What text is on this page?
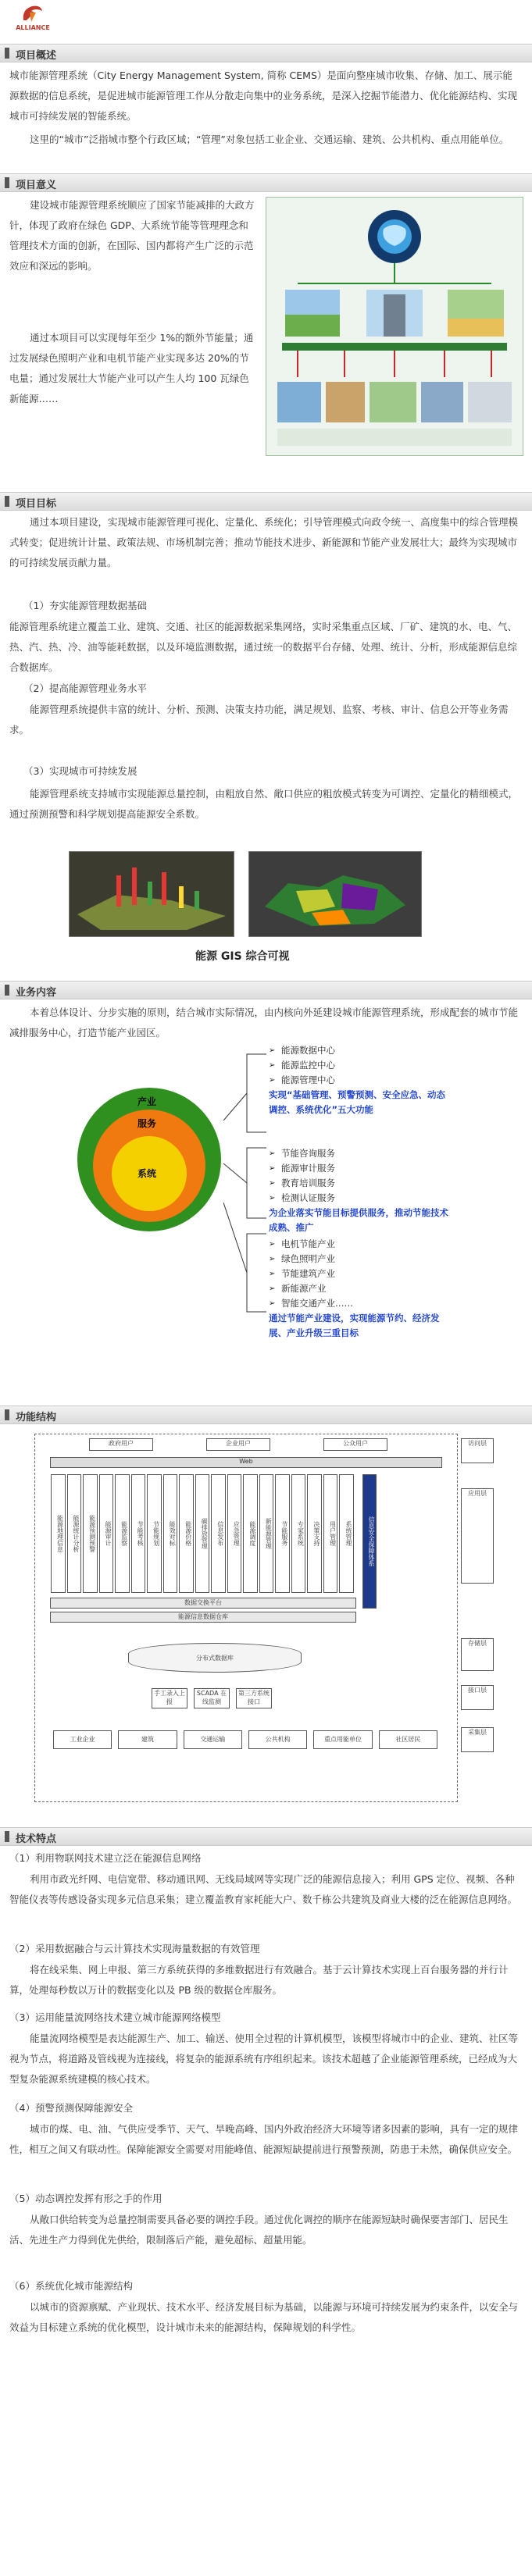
ALLIANCE
项目概述
城市能源管理系统（City Energy Management System, 简称 CEMS）是面向整座城市收集、存储、加工、展示能源数据的信息系统，是促进城市能源管理工作从分散走向集中的业务系统，是深入挖掘节能潜力、优化能源结构、实现城市可持续发展的智能系统。
这里的“城市”泛指城市整个行政区域；“管理”对象包括工业企业、交通运输、建筑、公共机构、重点用能单位。
项目意义
建设城市能源管理系统顺应了国家节能减排的大政方针，体现了政府在绿色 GDP、大系统节能等管理理念和管理技术方面的创新，在国际、国内都将产生广泛的示范效应和深远的影响。
通过本项目可以实现每年至少 1%的额外节能量；通过发展绿色照明产业和电机节能产业实现多达 20%的节电量；通过发展壮大节能产业可以产生人均 100 瓦绿色新能源……
项目目标
通过本项目建设，实现城市能源管理可视化、定量化、系统化；引导管理模式向政令统一、高度集中的综合管理模式转变；促进统计计量、政策法规、市场机制完善；推动节能技术进步、新能源和节能产业发展壮大；最终为实现城市的可持续发展贡献力量。
（1）夯实能源管理数据基础
能源管理系统建立覆盖工业、建筑、交通、社区的能源数据采集网络，实时采集重点区域、厂矿、建筑的水、电、气、热、汽、热、冷、油等能耗数据，以及环境监测数据，通过统一的数据平台存储、处理、统计、分析，形成能源信息综合数据库。
（2）提高能源管理业务水平
能源管理系统提供丰富的统计、分析、预测、决策支持功能，满足规划、监察、考核、审计、信息公开等业务需求。
（3）实现城市可持续发展
能源管理系统支持城市实现能源总量控制，由粗放自然、敞口供应的粗放模式转变为可调控、定量化的精细模式，通过预测预警和科学规划提高能源安全系数。
能源 GIS 综合可视
业务内容
本着总体设计、分步实施的原则，结合城市实际情况，由内核向外延建设城市能源管理系统，形成配套的城市节能减排服务中心，打造节能产业园区。
产业
服务
系统
➢ 能源数据中心
➢ 能源监控中心
➢ 能源管理中心
实现“基础管理、预警预测、安全应急、动态调控、系统优化”五大功能
➢ 节能咨询服务
➢ 能源审计服务
➢ 教育培训服务
➢ 检测认证服务
为企业落实节能目标提供服务，推动节能技术成熟、推广
➢ 电机节能产业
➢ 绿色照明产业
➢ 节能建筑产业
➢ 新能源产业
➢ 智能交通产业……
通过节能产业建设，实现能源节约、经济发展、产业升级三重目标
功能结构
政府用户	企业用户	公众用户
Web
能源地理信息	能源统计分析	能源预测预警	能源审计	能源监察	节能考核	节能规划	能效对标	能源价格	碳排放管理	信息发布	应急管理	能源调度	新能源管理	节能服务	专家系统	决策支持	用户管理	系统管理	信息安全保障体系
数据交换平台
能源信息数据仓库
分布式数据库
手工录入上报
SCADA 在线监测
第三方系统接口
工业企业	建筑	交通运输	公共机构	重点用能单位	社区居民
访问层
应用层
存储层
接口层
采集层
技术特点
（1）利用物联网技术建立泛在能源信息网络
利用市政光纤网、电信宽带、移动通讯网、无线局域网等实现广泛的能源信息接入；利用 GPS 定位、视频、各种智能仪表等传感设备实现多元信息采集；建立覆盖教育家耗能大户、数千栋公共建筑及商业大楼的泛在能源信息网络。
（2）采用数据融合与云计算技术实现海量数据的有效管理
将在线采集、网上申报、第三方系统获得的多维数据进行有效融合。基于云计算技术实现上百台服务器的并行计算，处理每秒数以万计的数据变化以及 PB 级的数据仓库服务。
（3）运用能量流网络技术建立城市能源网络模型
能量流网络模型是表达能源生产、加工、输送、使用全过程的计算机模型，该模型将城市中的企业、建筑、社区等视为节点，将道路及管线视为连接线，将复杂的能源系统有序组织起来。该技术超越了企业能源管理系统，已经成为大型复杂能源系统建模的核心技术。
（4）预警预测保障能源安全
城市的煤、电、油、气供应受季节、天气、旱晚高峰、国内外政治经济大环境等诸多因素的影响，具有一定的规律性，相互之间又有联动性。保障能源安全需要对用能峰值、能源短缺提前进行预警预测，防患于未然，确保供应安全。
（5）动态调控发挥有形之手的作用
从敞口供给转变为总量控制需要具备必要的调控手段。通过优化调控的顺序在能源短缺时确保要害部门、居民生活、先进生产力得到优先供给，限制落后产能，避免超标、超量用能。
（6）系统优化城市能源结构
以城市的资源禀赋、产业现状、技术水平、经济发展目标为基础，以能源与环境可持续发展为约束条件，以安全与效益为目标建立系统的优化模型，设计城市未来的能源结构，保障规划的科学性。
